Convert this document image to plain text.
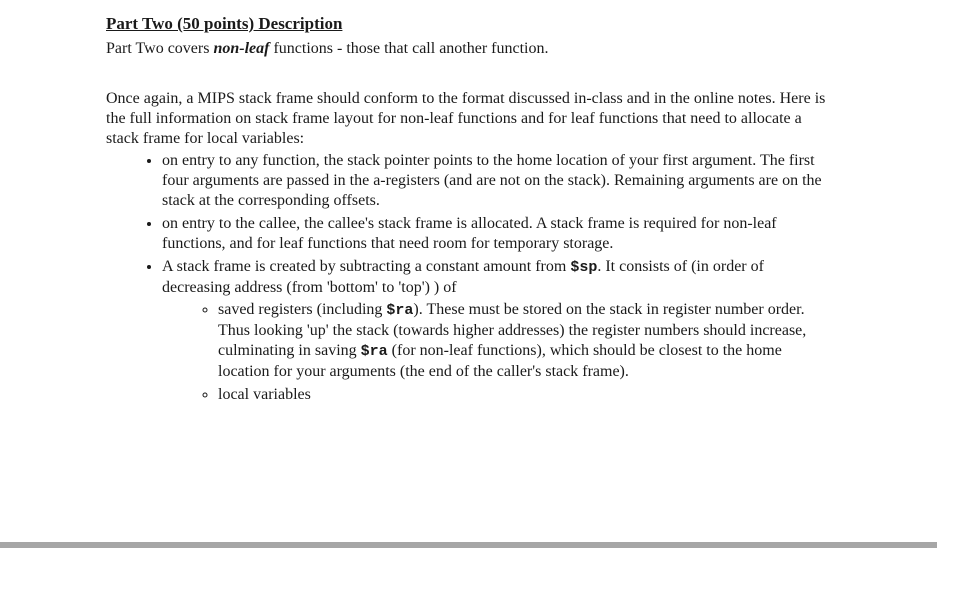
Part Two (50 points) Description

Part Two covers non-leaf functions - those that call another function.

Once again, a MIPS stack frame should conform to the format discussed in-class and in the online notes. Here is the full information on stack frame layout for non-leaf functions and for leaf functions that need to allocate a stack frame for local variables:

• on entry to any function, the stack pointer points to the home location of your first argument. The first four arguments are passed in the a-registers (and are not on the stack). Remaining arguments are on the stack at the corresponding offsets.
• on entry to the callee, the callee's stack frame is allocated. A stack frame is required for non-leaf functions, and for leaf functions that need room for temporary storage.
• A stack frame is created by subtracting a constant amount from $sp. It consists of (in order of decreasing address (from 'bottom' to 'top') ) of
◦ saved registers (including $ra). These must be stored on the stack in register number order. Thus looking 'up' the stack (towards higher addresses) the register numbers should increase, culminating in saving $ra (for non-leaf functions), which should be closest to the home location for your arguments (the end of the caller's stack frame).
◦ local variables
